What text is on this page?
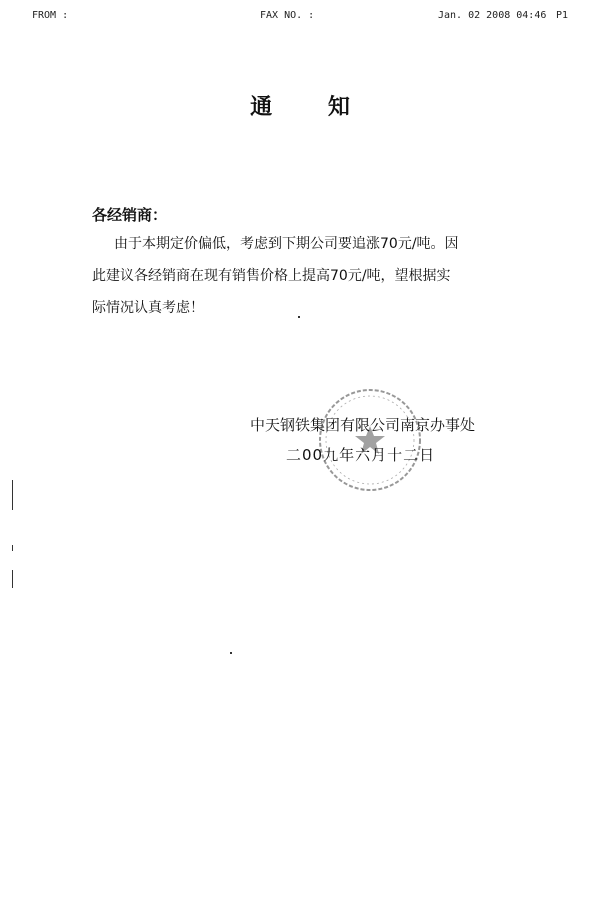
FROM :	FAX NO. :	Jan. 02 2008 04:46 P1
通 知
各经销商：
由于本期定价偏低，考虑到下期公司要追涨70元/吨。因
此建议各经销商在现有销售价格上提高70元/吨，望根据实
际情况认真考虑！
中天钢铁集团有限公司南京办事处
二00九年六月十二日
